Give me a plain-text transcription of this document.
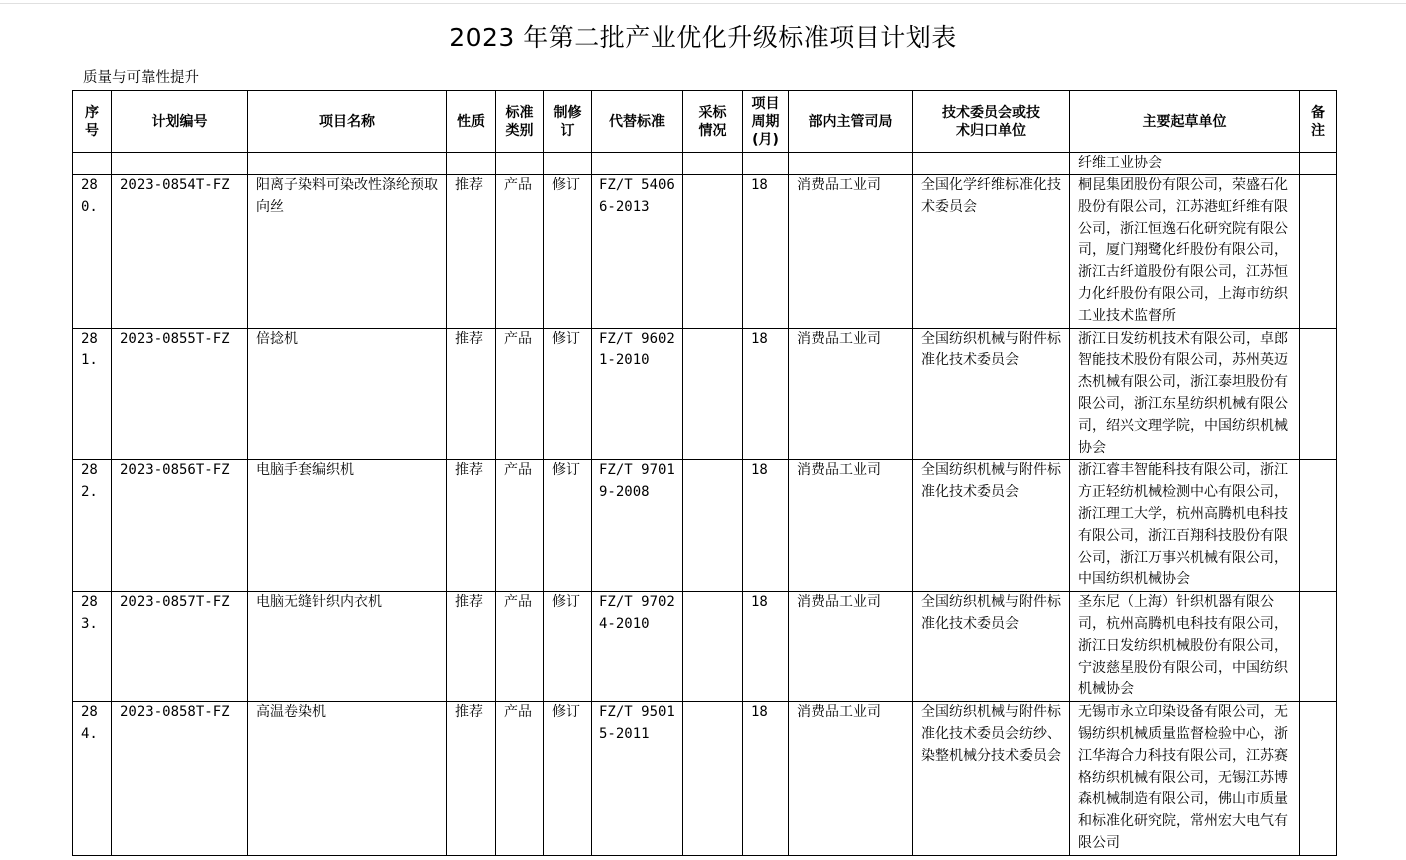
2023 年第二批产业优化升级标准项目计划表
质量与可靠性提升
序号	计划编号	项目名称	性质	标准类别	制修订	代替标准	采标情况	项目周期(月)	部内主管司局	技术委员会或技术归口单位	主要起草单位	备注

											纤维工业协会	

280.	2023-0854T-FZ	阳离子染料可染改性涤纶预取向丝	推荐	产品	修订	FZ/T 54066-2013		18	消费品工业司	全国化学纤维标准化技术委员会	桐昆集团股份有限公司，荣盛石化股份有限公司，江苏港虹纤维有限公司，浙江恒逸石化研究院有限公司，厦门翔鹭化纤股份有限公司，浙江古纤道股份有限公司，江苏恒力化纤股份有限公司，上海市纺织工业技术监督所	

281.	2023-0855T-FZ	倍捻机	推荐	产品	修订	FZ/T 96021-2010		18	消费品工业司	全国纺织机械与附件标准化技术委员会	浙江日发纺机技术有限公司，卓郎智能技术股份有限公司，苏州英迈杰机械有限公司，浙江泰坦股份有限公司，浙江东星纺织机械有限公司，绍兴文理学院，中国纺织机械协会	

282.	2023-0856T-FZ	电脑手套编织机	推荐	产品	修订	FZ/T 97019-2008		18	消费品工业司	全国纺织机械与附件标准化技术委员会	浙江睿丰智能科技有限公司，浙江方正轻纺机械检测中心有限公司，浙江理工大学，杭州高腾机电科技有限公司，浙江百翔科技股份有限公司，浙江万事兴机械有限公司，中国纺织机械协会	

283.	2023-0857T-FZ	电脑无缝针织内衣机	推荐	产品	修订	FZ/T 97024-2010		18	消费品工业司	全国纺织机械与附件标准化技术委员会	圣东尼（上海）针织机器有限公司，杭州高腾机电科技有限公司，浙江日发纺织机械股份有限公司，宁波慈星股份有限公司，中国纺织机械协会	

284.	2023-0858T-FZ	高温卷染机	推荐	产品	修订	FZ/T 95015-2011		18	消费品工业司	全国纺织机械与附件标准化技术委员会纺纱、染整机械分技术委员会	无锡市永立印染设备有限公司，无锡纺织机械质量监督检验中心，浙江华海合力科技有限公司，江苏赛格纺织机械有限公司，无锡江苏博森机械制造有限公司，佛山市质量和标准化研究院，常州宏大电气有限公司	
